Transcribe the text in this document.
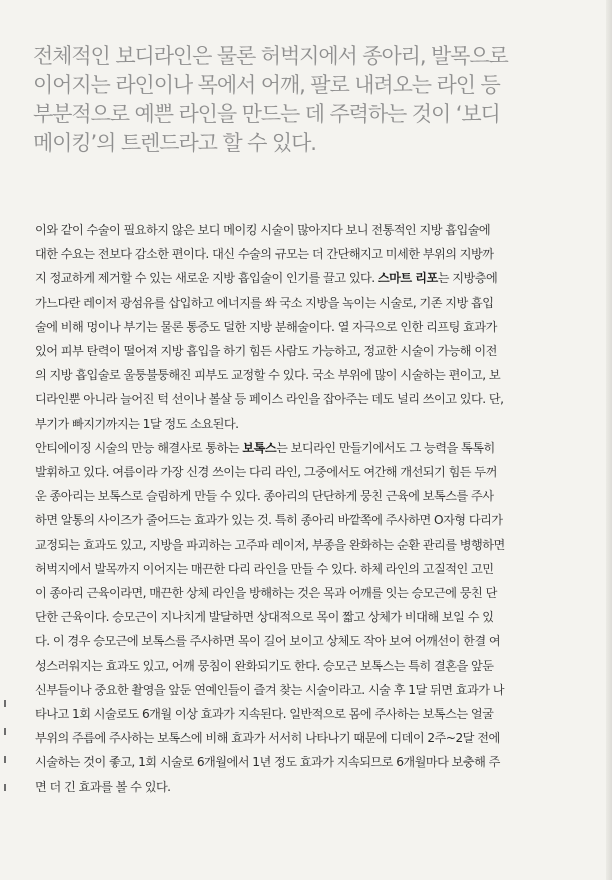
전체적인 보디라인은 물론 허벅지에서 종아리, 발목으로
이어지는 라인이나 목에서 어깨, 팔로 내려오는 라인 등
부분적으로 예쁜 라인을 만드는 데 주력하는 것이 ‘보디
메이킹’의 트렌드라고 할 수 있다.
이와 같이 수술이 필요하지 않은 보디 메이킹 시술이 많아지다 보니 전통적인 지방 흡입술에
대한 수요는 전보다 감소한 편이다. 대신 수술의 규모는 더 간단해지고 미세한 부위의 지방까
지 정교하게 제거할 수 있는 새로운 지방 흡입술이 인기를 끌고 있다. 스마트 리포는 지방층에
가느다란 레이저 광섬유를 삽입하고 에너지를 쏴 국소 지방을 녹이는 시술로, 기존 지방 흡입
술에 비해 멍이나 부기는 물론 통증도 덜한 지방 분해술이다. 열 자극으로 인한 리프팅 효과가
있어 피부 탄력이 떨어져 지방 흡입을 하기 힘든 사람도 가능하고, 정교한 시술이 가능해 이전
의 지방 흡입술로 울퉁불퉁해진 피부도 교정할 수 있다. 국소 부위에 많이 시술하는 편이고, 보
디라인뿐 아니라 늘어진 턱 선이나 볼살 등 페이스 라인을 잡아주는 데도 널리 쓰이고 있다. 단,
부기가 빠지기까지는 1달 정도 소요된다.
안티에이징 시술의 만능 해결사로 통하는 보톡스는 보디라인 만들기에서도 그 능력을 톡톡히
발휘하고 있다. 여름이라 가장 신경 쓰이는 다리 라인, 그중에서도 여간해 개선되기 힘든 두꺼
운 종아리는 보톡스로 슬림하게 만들 수 있다. 종아리의 단단하게 뭉친 근육에 보톡스를 주사
하면 알통의 사이즈가 줄어드는 효과가 있는 것. 특히 종아리 바깥쪽에 주사하면 O자형 다리가
교정되는 효과도 있고, 지방을 파괴하는 고주파 레이저, 부종을 완화하는 순환 관리를 병행하면
허벅지에서 발목까지 이어지는 매끈한 다리 라인을 만들 수 있다. 하체 라인의 고질적인 고민
이 종아리 근육이라면, 매끈한 상체 라인을 방해하는 것은 목과 어깨를 잇는 승모근에 뭉친 단
단한 근육이다. 승모근이 지나치게 발달하면 상대적으로 목이 짧고 상체가 비대해 보일 수 있
다. 이 경우 승모근에 보톡스를 주사하면 목이 길어 보이고 상체도 작아 보여 어깨선이 한결 여
성스러워지는 효과도 있고, 어깨 뭉침이 완화되기도 한다. 승모근 보톡스는 특히 결혼을 앞둔
신부들이나 중요한 촬영을 앞둔 연예인들이 즐겨 찾는 시술이라고. 시술 후 1달 뒤면 효과가 나
타나고 1회 시술로도 6개월 이상 효과가 지속된다. 일반적으로 몸에 주사하는 보톡스는 얼굴
부위의 주름에 주사하는 보톡스에 비해 효과가 서서히 나타나기 때문에 디데이 2주~2달 전에
시술하는 것이 좋고, 1회 시술로 6개월에서 1년 정도 효과가 지속되므로 6개월마다 보충해 주
면 더 긴 효과를 볼 수 있다.
